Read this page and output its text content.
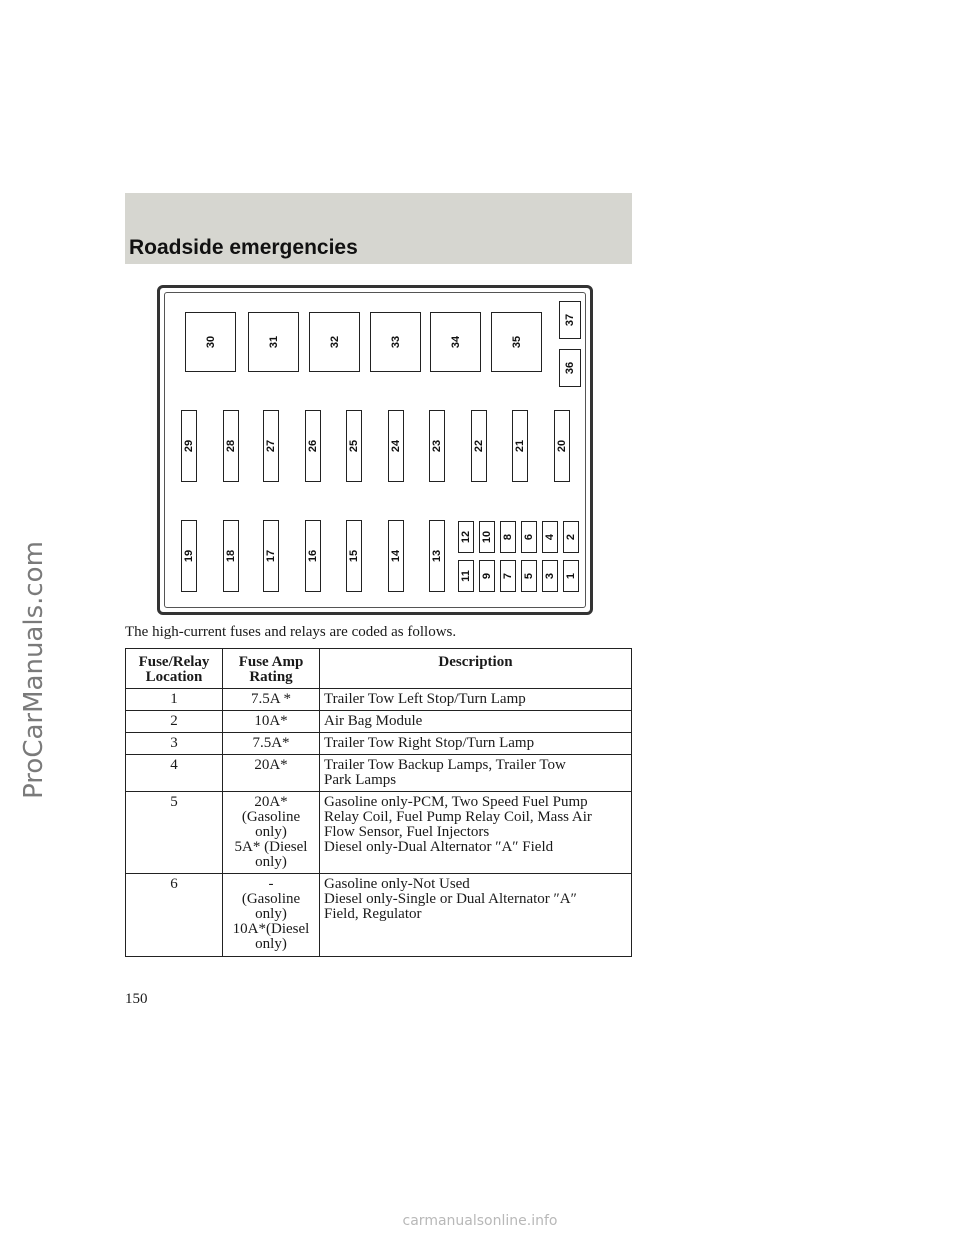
ProCarManuals.com
Roadside emergencies
30	31	32	33	34	35
37
36
29	28	27	26	25	24	23	22	21	20
19	18	17	16	15	14	13
12 10 8 6 4 2
11 9 7 5 3 1
The high-current fuses and relays are coded as follows.
Fuse/Relay Location	Fuse Amp Rating	Description
1	7.5A *	Trailer Tow Left Stop/Turn Lamp
2	10A*	Air Bag Module
3	7.5A*	Trailer Tow Right Stop/Turn Lamp
4	20A*	Trailer Tow Backup Lamps, Trailer Tow
Park Lamps
5	20A*
(Gasoline
only)
5A* (Diesel
only)	Gasoline only-PCM, Two Speed Fuel Pump
Relay Coil, Fuel Pump Relay Coil, Mass Air
Flow Sensor, Fuel Injectors
Diesel only-Dual Alternator ″A″ Field
6	-
(Gasoline
only)
10A*(Diesel
only)	Gasoline only-Not Used
Diesel only-Single or Dual Alternator ″A″
Field, Regulator
150
carmanualsonline.info
